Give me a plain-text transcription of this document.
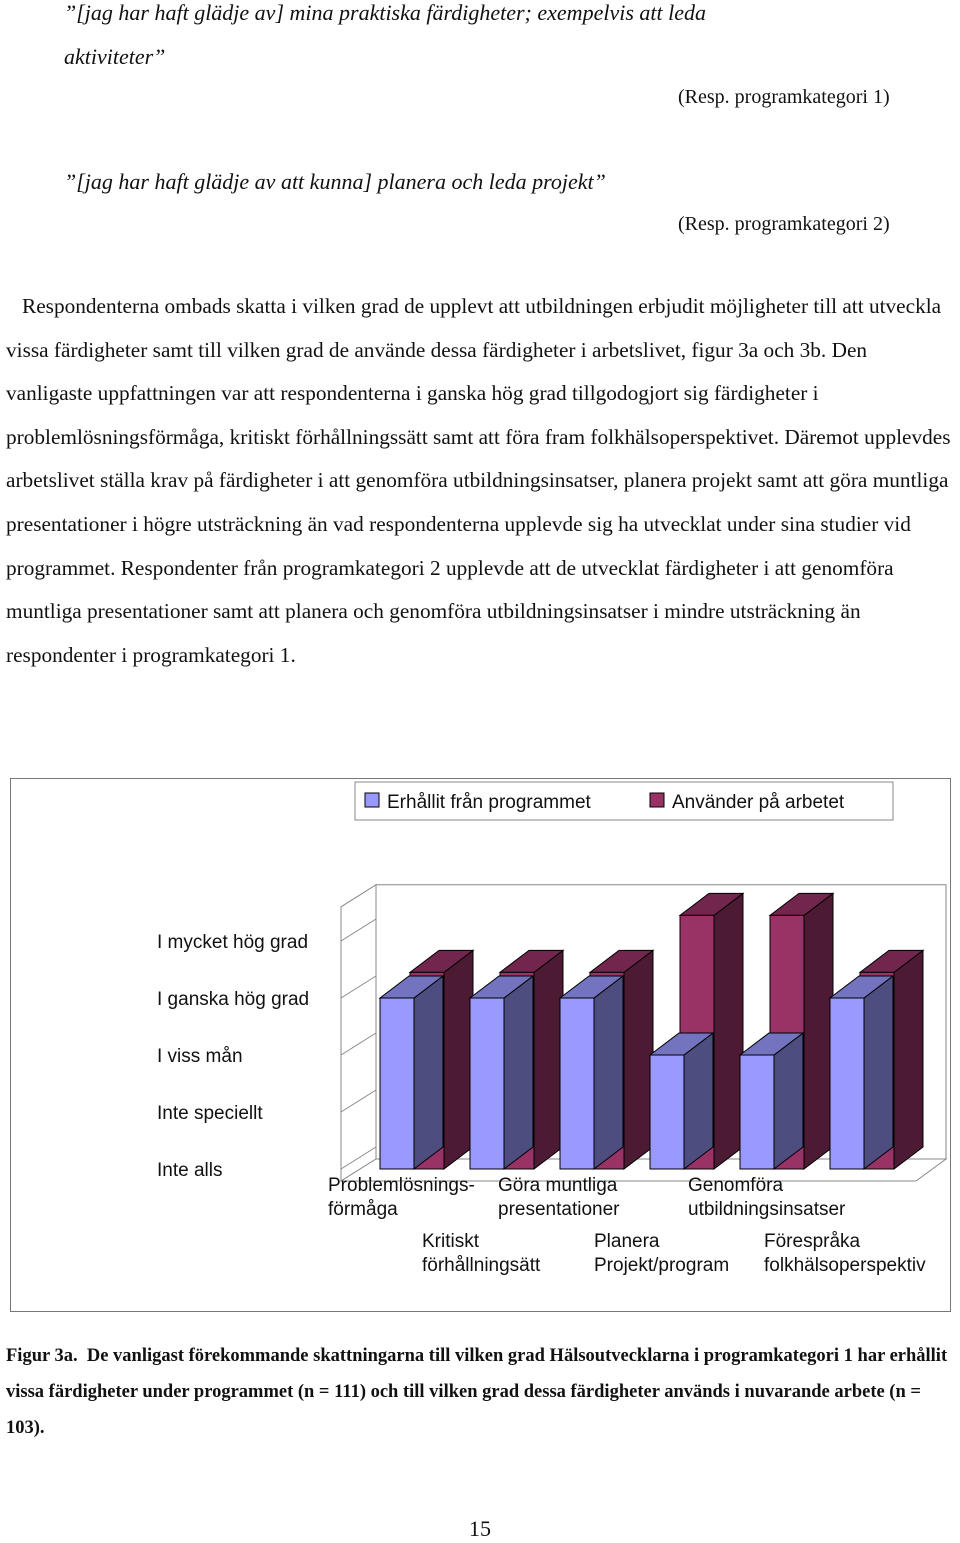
”[jag har haft glädje av] mina praktiska färdigheter; exempelvis att leda
aktiviteter”
(Resp. programkategori 1)
”[jag har haft glädje av att kunna] planera och leda projekt”
(Resp. programkategori 2)

Respondenterna ombads skatta i vilken grad de upplevt att utbildningen erbjudit möjligheter till att utveckla vissa färdigheter samt till vilken grad de använde dessa färdigheter i arbetslivet, figur 3a och 3b. Den vanligaste uppfattningen var att respondenterna i ganska hög grad tillgodogjort sig färdigheter i problemlösningsförmåga, kritiskt förhållningssätt samt att föra fram folkhälsoperspektivet. Däremot upplevdes arbetslivet ställa krav på färdigheter i att genomföra utbildningsinsatser, planera projekt samt att göra muntliga presentationer i högre utsträckning än vad respondenterna upplevde sig ha utvecklat under sina studier vid programmet. Respondenter från programkategori 2 upplevde att de utvecklat färdigheter i att genomföra muntliga presentationer samt att planera och genomföra utbildningsinsatser i mindre utsträckning än respondenter i programkategori 1.

Inte alls
Inte speciellt
I viss mån
I ganska hög grad
I mycket hög grad
Problemlösnings-
förmåga
Kritiskt
förhållningsätt
Göra muntliga
presentationer
Planera
Projekt/program
Genomföra
utbildningsinsatser
Förespråka
folkhälsoperspektiv
Erhållit från programmet	Använder på arbetet

Figur 3a. De vanligast förekommande skattningarna till vilken grad Hälsoutvecklarna i programkategori 1 har erhållit vissa färdigheter under programmet (n = 111) och till vilken grad dessa färdigheter används i nuvarande arbete (n = 103).

15
